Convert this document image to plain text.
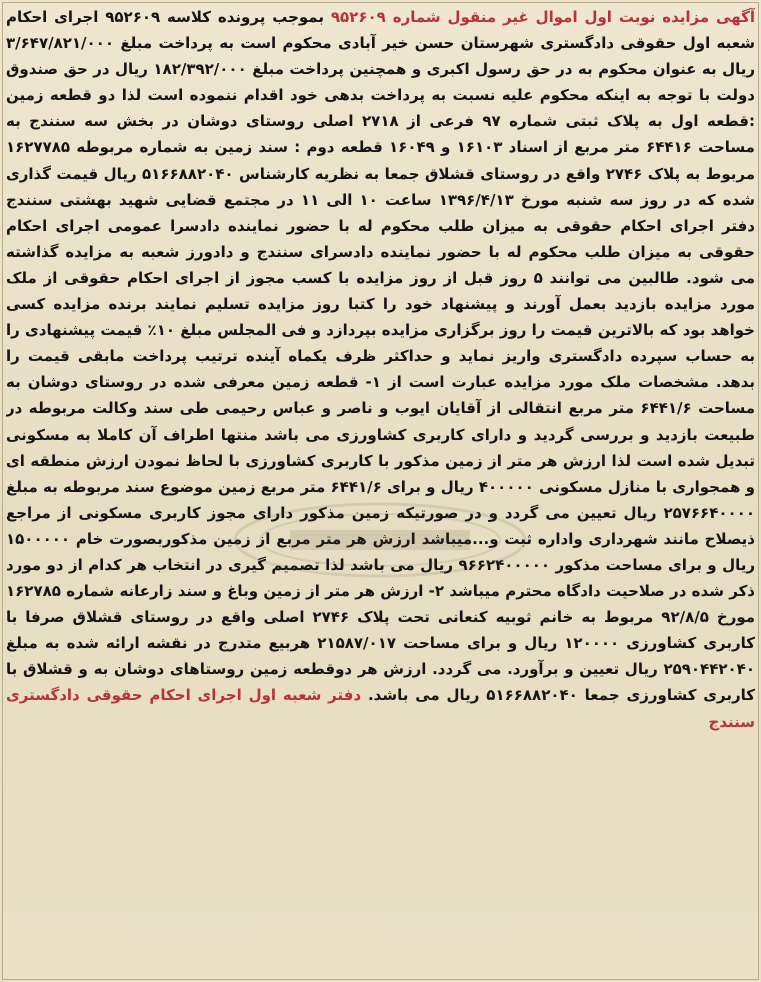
آگهی مزایده نوبت اول اموال غیر منقول شماره ۹۵۲۶۰۹ بموجب پرونده کلاسه ۹۵۲۶۰۹ اجرای احکام شعبه اول حقوقی دادگستری شهرستان حسن خیر آبادی محکوم است به پرداخت مبلغ ۳/۶۴۷/۸۲۱/۰۰۰ ریال به عنوان محکوم به در حق رسول اکبری و همچنین پرداخت مبلغ ۱۸۲/۳۹۲/۰۰۰ ریال در حق صندوق دولت با توجه به اینکه محکوم علیه نسبت به پرداخت بدهی خود اقدام ننموده است لذا دو قطعه زمین :قطعه اول به پلاک ثبتی شماره ۹۷ فرعی از ۲۷۱۸ اصلی روستای دوشان در بخش سه سنندج به مساحت ۶۴۴۱۶ متر مربع از اسناد ۱۶۱۰۳ و ۱۶۰۴۹ قطعه دوم : سند زمین به شماره مربوطه ۱۶۲۷۷۸۵ مربوط به پلاک ۲۷۴۶ واقع در روستای قشلاق جمعا به نظریه کارشناس ۵۱۶۶۸۸۲۰۴۰ ریال قیمت گذاری شده که در روز سه شنبه مورخ ۱۳۹۶/۴/۱۳ ساعت ۱۰ الی ۱۱ در مجتمع قضایی شهید بهشتی سنندج دفتر اجرای احکام حقوقی به میزان طلب محکوم له با حضور نماینده دادسرا عمومی اجرای احکام حقوقی به میزان طلب محکوم له با حضور نماینده دادسرای سنندج و دادورز شعبه به مزایده گذاشته می شود. طالبین می توانند ۵ روز قبل از روز مزایده با کسب مجوز از اجرای احکام حقوقی از ملک مورد مزایده بازدید بعمل آورند و پیشنهاد خود را کتبا روز مزایده تسلیم نمایند برنده مزایده کسی خواهد بود که بالاترین قیمت را روز برگزاری مزایده بپردازد و فی المجلس مبلغ ۱۰٪ قیمت پیشنهادی را به حساب سپرده دادگستری واریز نماید و حداکثر ظرف یکماه آینده ترتیب پرداخت مابقی قیمت را بدهد. مشخصات ملک مورد مزایده عبارت است از ۱- قطعه زمین معرفی شده در روستای دوشان به مساحت ۶۴۴۱/۶ متر مربع انتقالی از آقایان ایوب و ناصر و عباس رحیمی طی سند وکالت مربوطه در طبیعت بازدید و بررسی گردید و دارای کاربری کشاورزی می باشد منتها اطراف آن کاملا به مسکونی تبدیل شده است لذا ارزش هر متر از زمین مذکور با کاربری کشاورزی با لحاظ نمودن ارزش منطقه ای و همجواری با منازل مسکونی ۴۰۰۰۰۰ ریال و برای ۶۴۴۱/۶ متر مربع زمین موضوع سند مربوطه به مبلغ ۲۵۷۶۶۴۰۰۰۰ ریال تعیین می گردد و در صورتیکه زمین مذکور دارای مجوز کاربری مسکونی از مراجع ذیصلاح مانند شهرداری واداره ثبت و...میباشد ارزش هر متر مربع از زمین مذکوربصورت خام ۱۵۰۰۰۰۰ ریال و برای مساحت مذکور ۹۶۶۲۴۰۰۰۰۰ ریال می باشد لذا تصمیم گیری در انتخاب هر کدام از دو مورد ذکر شده در صلاحیت دادگاه محترم میباشد ۲- ارزش هر متر از زمین وباغ و سند زارعانه شماره ۱۶۲۷۸۵ مورخ ۹۲/۸/۵ مربوط به خانم ثوبیه کنعانی تحت پلاک ۲۷۴۶ اصلی واقع در روستای قشلاق صرفا با کاربری کشاورزی ۱۲۰۰۰۰ ریال و برای مساحت ۲۱۵۸۷/۰۱۷ هربیع متدرج در نقشه ارائه شده به مبلغ ۲۵۹۰۴۴۲۰۴۰ ریال تعیین و برآورد. می گردد. ارزش هر دوقطعه زمین روستاهای دوشان به و قشلاق با کاربری کشاورزی جمعا ۵۱۶۶۸۸۲۰۴۰ ریال می باشد. دفتر شعبه اول اجرای احکام حقوقی دادگستری سنندج
